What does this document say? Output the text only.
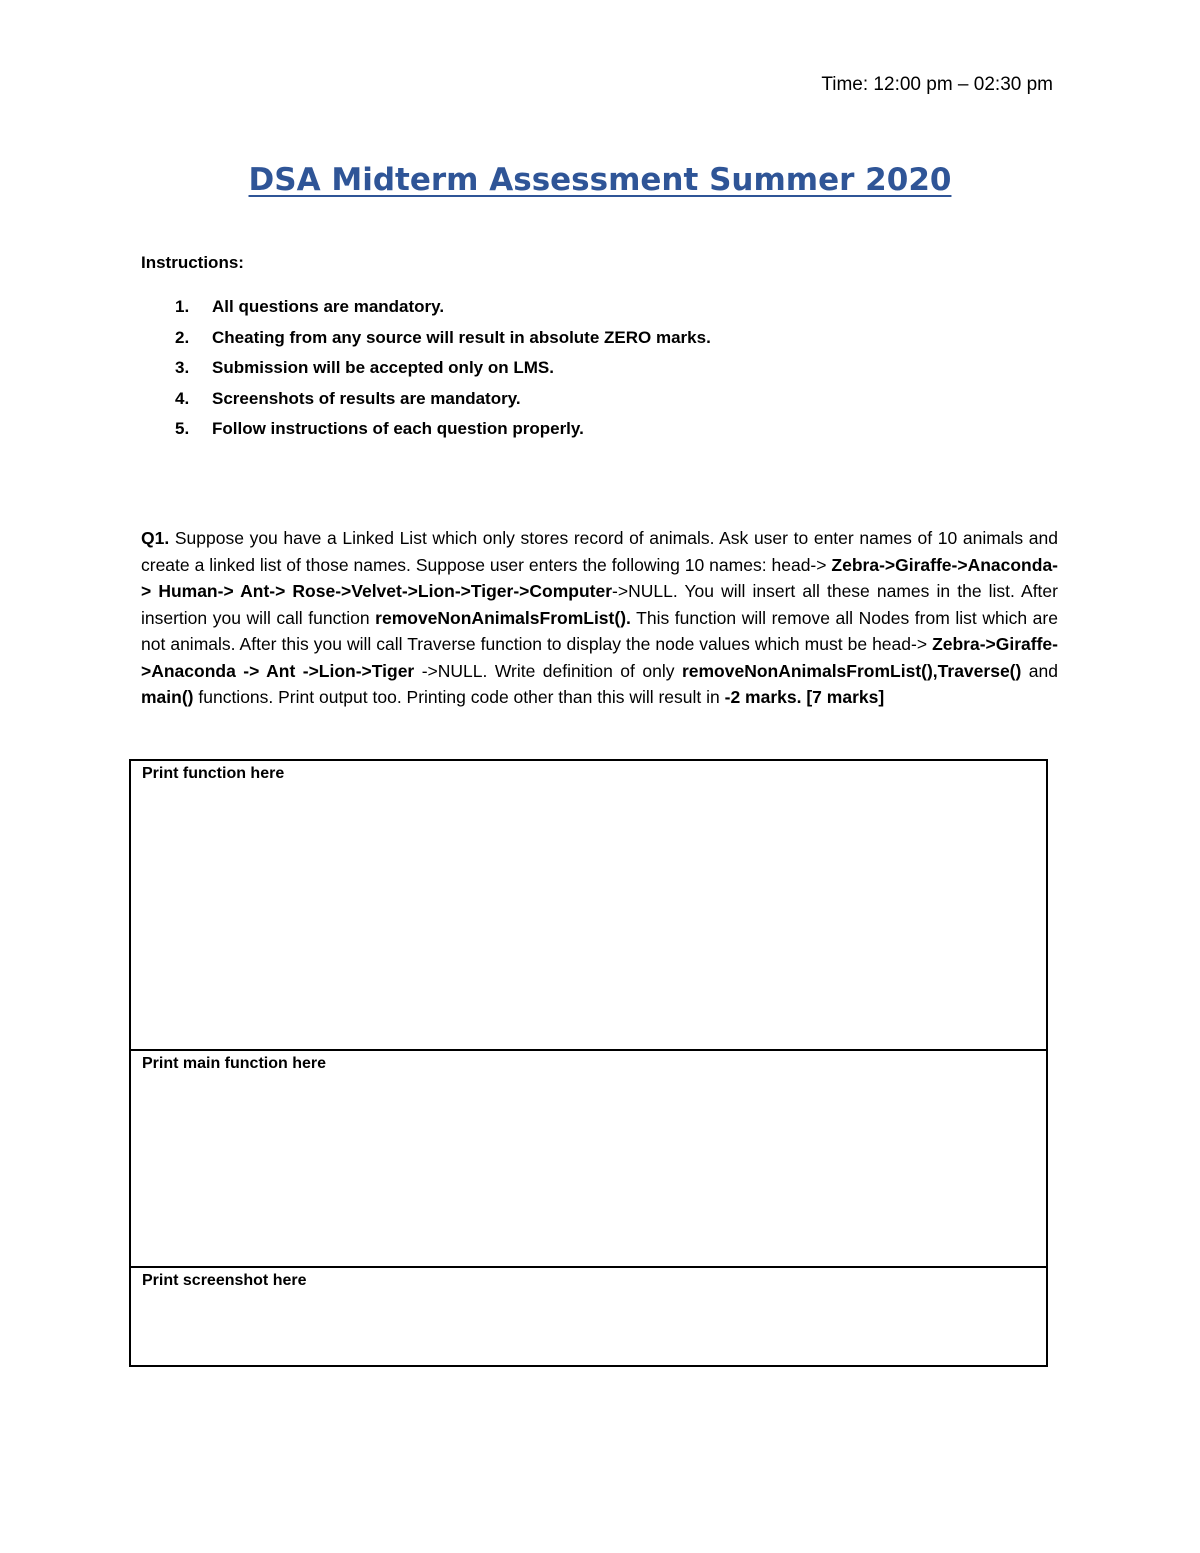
Time: 12:00 pm – 02:30 pm
DSA Midterm Assessment Summer 2020
Instructions:
1.	All questions are mandatory.
2.	Cheating from any source will result in absolute ZERO marks.
3.	Submission will be accepted only on LMS.
4.	Screenshots of results are mandatory.
5.	Follow instructions of each question properly.

Q1. Suppose you have a Linked List which only stores record of animals. Ask user to enter names of 10 animals and create a linked list of those names. Suppose user enters the following 10 names: head-> Zebra->Giraffe->Anaconda-> Human-> Ant-> Rose->Velvet->Lion->Tiger->Computer->NULL. You will insert all these names in the list. After insertion you will call function removeNonAnimalsFromList(). This function will remove all Nodes from list which are not animals. After this you will call Traverse function to display the node values which must be head-> Zebra->Giraffe->Anaconda -> Ant ->Lion->Tiger ->NULL. Write definition of only removeNonAnimalsFromList(),Traverse() and main() functions. Print output too. Printing code other than this will result in -2 marks. [7 marks]

Print function here
Print main function here
Print screenshot here
